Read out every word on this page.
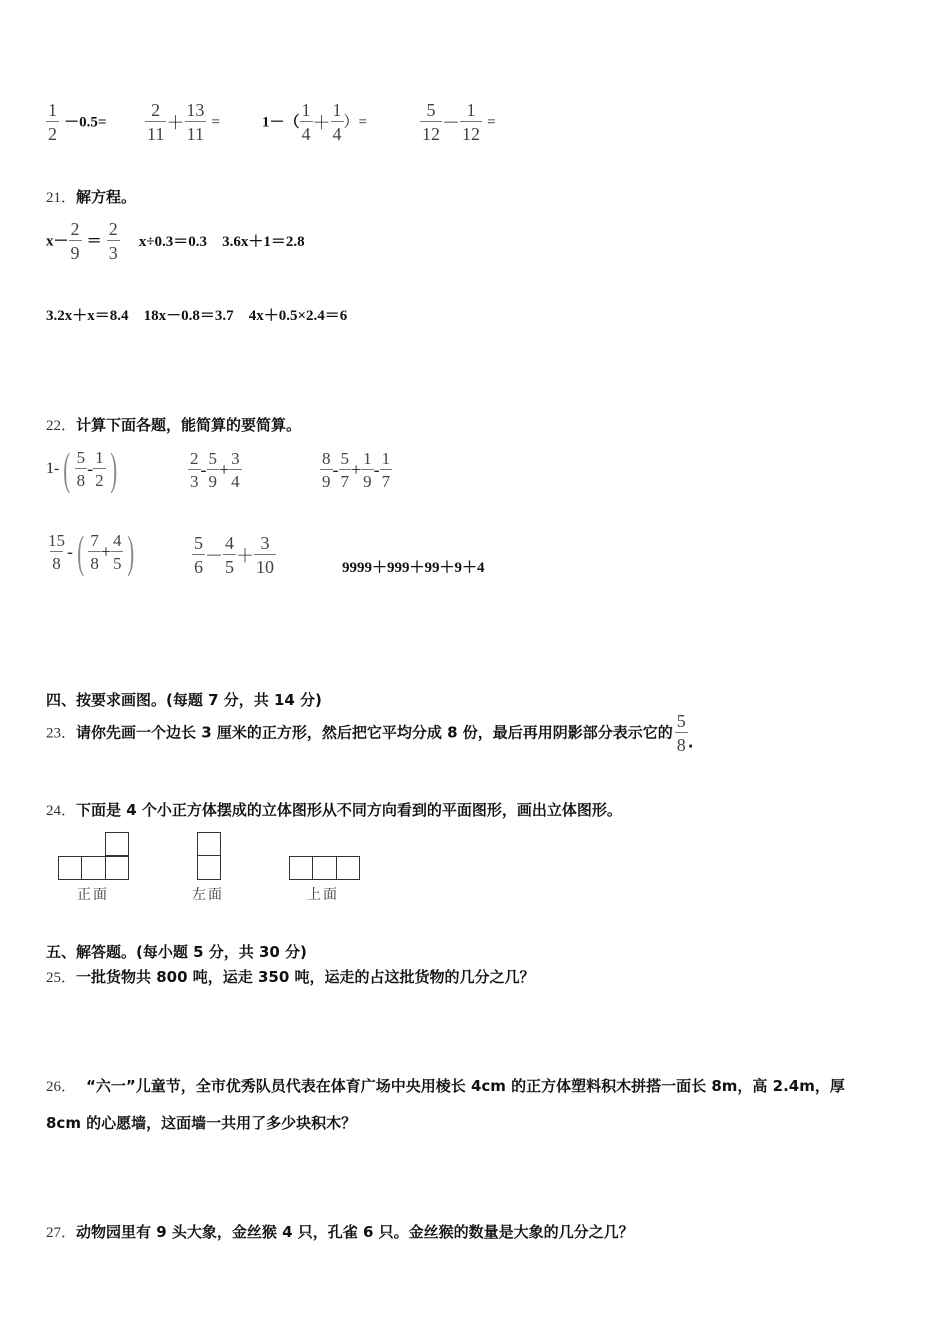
$\frac{1}{2} -0.5= \frac{2}{11} + \frac{13}{11}$ =	$1-( \frac{1}{4} + \frac{1}{4}$ ）=	$\frac{5}{12} - \frac{1}{12}$ =
21．解方程。
$x- \frac{2}{9} = \frac{2}{3} x\div 0.3=0.3$ 3.6x＋1＝2.8
3.2x＋x＝8.4 18x－0.8＝3.7 4x＋0.5×2.4＝6
22．计算下面各题，能简算的要简算。
$1-( \frac{5}{8} - \frac{1}{2}$ )	$\frac{2}{3} - \frac{5}{9} + \frac{3}{4}$	$\frac{8}{9} - \frac{5}{7} + \frac{1}{9} - \frac{1}{7}$
$\frac{15}{8}$ -( $\frac{7}{8} + \frac{4}{5}$ )	$\frac{5}{6} - \frac{4}{5} + \frac{3}{10}$	9999＋999＋99＋9＋4
四、按要求画图。(每题 7 分，共 14 分)
23．请你先画一个边长 3 厘米的正方形，然后把它平均分成 8 份，最后再用阴影部分表示它的 $\frac{5}{8}$ .
24．下面是 4 个小正方体摆成的立体图形从不同方向看到的平面图形，画出立体图形。
正面	左面	上面
五、解答题。(每小题 5 分，共 30 分)
25．一批货物共 800 吨，运走 350 吨，运走的占这批货物的几分之几？
26． “六一”儿童节，全市优秀队员代表在体育广场中央用棱长 4cm 的正方体塑料积木拼搭一面长 8m，高 2.4m，厚
8cm 的心愿墙，这面墙一共用了多少块积木？
27．动物园里有 9 头大象，金丝猴 4 只，孔雀 6 只。金丝猴的数量是大象的几分之几？
